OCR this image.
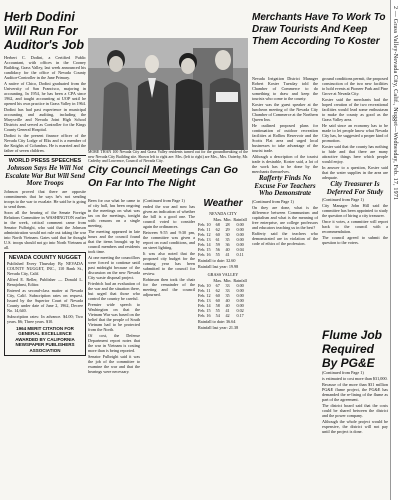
2 — Grass Valley-Nevada City, Calif., Nugget—Wednesday, Feb. 17, 1971
Herb Dodini Will Run For Auditor's Job

Herbert C. Dodini, a Certified Public Accountant, with offices in the Cooney Building, Grass Valley, last week announced his candidacy for the office of Nevada County Auditor-Controller in the June Primary.

A native of Chico, Dodini graduated from the University of San Francisco, majoring in accounting. In 1954, he has been a CPA since 1962, and taught accounting at UOP until he opened his own practice in Grass Valley in 1964.

Dodini has had past experience in municipal accounting and auditing, including the Marysville and Nevada Joint High School Districts and served as Controller for the Kings County General Hospital.

Dodini is the present finance officer of the Nevada City Lodge of Elks and is a member of the Knights of Columbus. He is married and the father of seven children.

WORLD PRESS SPEECHES

Johnson Says He Will Not Escalate War But Will Send More Troops

Johnson proved that there are opposite commitments that he says he's not sending troops to the war to escalate. He said he is going to send them.

Soon all the bearing of the Senate Foreign Relations Committee in WASHINGTON earlier in the week, critical comment came from Senator Fulbright, who said that the Johnson administration would not rule out taking the war into North Vietnam. Gates said that he thought U.S. troops should not go into North Vietnam at all.

NEVADA COUNTY NUGGET

Published Every Thursday By NEVADA COUNTY NUGGET, INC., 110 Bank St., Nevada City, Calif.

Alfred E. Reller, Publisher — Donald L. Benajohnst, Editor.

Entered as second-class matter at Nevada City, Calif. Subscription rates on request. Issued by the Superior Court of Nevada County under date of June 2, 1962, Decree No. 14,640.

Subscription rates: In advance. $4.00; Two years. $6; Three years. $10.

1964 MERIT CITATION FOR GENERAL EXCELLENCE AWARDED BY CALIFORNIA NEWSPAPER PUBLISHERS ASSOCIATION

MORE THAN 100 Nevada City and Grass Valley residents turned out for the groundbreaking of the new Nevada City Building site. Shown left to right are: Mrs. (left to right) are Mrs., Mrs. Outerby, Mr. Cadetby and Lawrence, Council of Nevada City.

City Council Meetings Can Go On Far Into The Night

Been for our what he came to of city hall, has been ongoing in the meetings on what was tax on the meetings, tonight with reasons on a single meeting.

The meeting appeared in late hours and the council found that the items brought up by council members and residents took time.

At one meeting the councillors were forced to continue until past midnight because of the discussion on the new Nevada City waste disposal project.

Friedrich had an evaluation of the war and the situation there, but urged that those who control the country be careful.

Premier wide speech to Washington on that the Vietnam War was based on the belief that the people of South Vietnam had to be protected from the North.

Of cost, the Defense Department report notes that the war in Vietnam is costing more than is being reported.

Senator Fulbright said it was the job of the committee to examine the war and that the hearings were necessary.

(Continued from Page 1)

ended the war and now has given an indication of whether the bill is a good one. The council voted to consider again the ordinances.

Between 9:55 and 9:30 pm, the committee was given a report on road conditions, and on street lighting.

It was also noted that the proposed city budget for the coming year has been submitted to the council for review.

Robinson then took the chair for the remainder of the meeting and the council adjourned.

Weather
NEVADA CITY
	Max.	Min.	Rainfall
Feb. 10	68	28	0.00
Feb. 11	62	29	0.00
Feb. 12	60	30	0.00
Feb. 13	61	35	0.00
Feb. 14	59	36	0.00
Feb. 15	56	40	0.04
Feb. 16	55	41	0.11
Rainfall to date: 32.60
Rainfall last year: 19.98
GRASS VALLEY
	Max.	Min.	Rainfall
Feb. 10	67	33	0.00
Feb. 11	62	33	0.00
Feb. 12	60	35	0.00
Feb. 13	60	40	0.00
Feb. 14	58	40	0.00
Feb. 15	55	41	0.02
Feb. 16	54	42	0.17
Rainfall to date: 36.64
Rainfall last year: 21.38
Merchants Have To Work To Draw Tourists And Keep Them According To Koster

Nevada Irrigation District Manager Robert Koster Tuesday told the Chamber of Commerce to do something to draw and keep the tourists who come to the county.

Koster was the guest speaker at the luncheon meeting of the Nevada City Chamber of Commerce at the Northern Queen Inn.

He outlined proposed plans for continuation of outdoor recreation facilities at Rollins Reservoir and the Scotts Flat area and urged local businesses to take advantage of the tourist trade.

Although a description of the tourist trade is desirable, Koster said, a lot of the work has to be done by the merchants themselves.

Rafferty Finds No Excuse For Teachers Who Demonstrate

(Continued from Page 1)

On they are done, what is the difference between Communism and capitalism and what is the meaning of free enterprise, are college professors and educators teaching us in the best?

Rafferty said the teachers who demonstrated are in violation of the code of ethics of the profession.

ground conditions permit, the proposed construction of the two new facilities to hold events at Pioneer Park and Pine Grove at Nevada City.

Koster said the merchants had the hoped creation of the two recreational facilities would lead some enthusiasm to make the county as good as the Grass Valley area.

He said since an economy has to be made to let people know what Nevada City has, he suggested a proper kind of promotion.

Koster said that the county has nothing to hide and that there are many attractive things here which people would enjoy.

In answer to a question, Koster said that the water supplies in the area are adequate.

City Treasurer Is Deferred For Study

(Continued from Page 1)

City Manager John Hill said the committee has been appointed to study the question of hiring a city treasurer.

Once it votes, a committee will report back to the council with a recommendation.

The council agreed to submit the question to the voters.

Flume Job Required By PG&E

(Continued from Page 1)

is estimated to cost more than $31,000.

Because of the more than $31 million PG&E flume project, the PG&E has demanded the re-lining of the flume as part of the agreement.

The district board said that the costs could be shared between the district and the power company.

Although the whole project would be expensive, the district will not pay until the project is done.
